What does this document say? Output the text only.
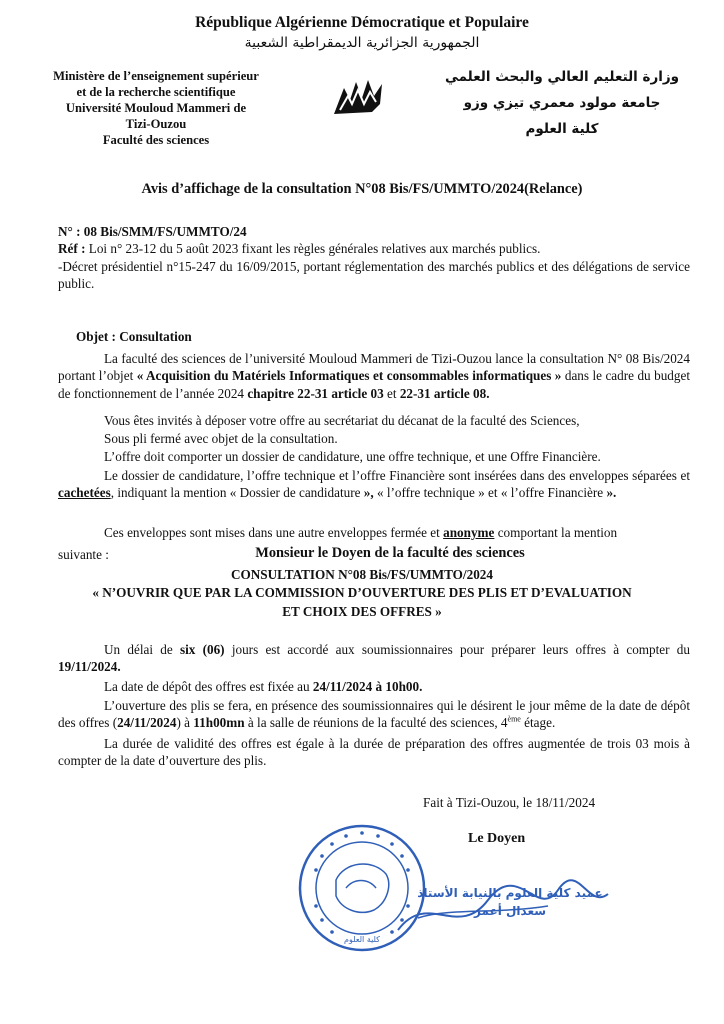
République Algérienne Démocratique et Populaire
الجمهورية الجزائرية الديمقراطية الشعبية
Ministère de l’enseignement supérieur
et de la recherche scientifique
Université Mouloud Mammeri de
Tizi-Ouzou
Faculté des sciences
وزارة التعليم العالي والبحث العلمي
جامعة مولود معمري تيزي وزو
كلية العلوم
Avis d’affichage de la consultation N°08 Bis/FS/UMMTO/2024(Relance)
N° : 08 Bis/SMM/FS/UMMTO/24
Réf : Loi n° 23-12 du 5 août 2023 fixant les règles générales relatives aux marchés publics.
-Décret présidentiel n°15-247 du 16/09/2015, portant réglementation des marchés publics et des délégations de service public.
Objet : Consultation
La faculté des sciences de l’université Mouloud Mammeri de Tizi-Ouzou lance la consultation N° 08 Bis/2024 portant l’objet « Acquisition du Matériels Informatiques et consommables informatiques » dans le cadre du budget de fonctionnement de l’année 2024 chapitre 22-31 article 03 et 22-31 article 08.
Vous êtes invités à déposer votre offre au secrétariat du décanat de la faculté des Sciences,
Sous pli fermé avec objet de la consultation.
L’offre doit comporter un dossier de candidature, une offre technique, et une Offre Financière.
Le dossier de candidature, l’offre technique et l’offre Financière sont insérées dans des enveloppes séparées et cachetées, indiquant la mention « Dossier de candidature », « l’offre technique » et « l’offre Financière ».
Ces enveloppes sont mises dans une autre enveloppes fermée et anonyme comportant la mention
suivante :	Monsieur le Doyen de la faculté des sciences
CONSULTATION N°08 Bis/FS/UMMTO/2024
« N’OUVRIR QUE PAR LA COMMISSION D’OUVERTURE DES PLIS ET D’EVALUATION
ET CHOIX DES OFFRES »
Un délai de six (06) jours est accordé aux soumissionnaires pour préparer leurs offres à compter du 19/11/2024.
La date de dépôt des offres est fixée au 24/11/2024 à 10h00.
L’ouverture des plis se fera, en présence des soumissionnaires qui le désirent le jour même de la date de dépôt des offres (24/11/2024) à 11h00mn à la salle de réunions de la faculté des sciences, 4ème étage.
La durée de validité des offres est égale à la durée de préparation des offres augmentée de trois 03 mois à compter de la date d’ouverture des plis.
Fait à Tizi-Ouzou, le 18/11/2024
Le Doyen
كلية العلوم
عميد كلية العلوم بالنيابة الأستاذ سعدال أعمر
